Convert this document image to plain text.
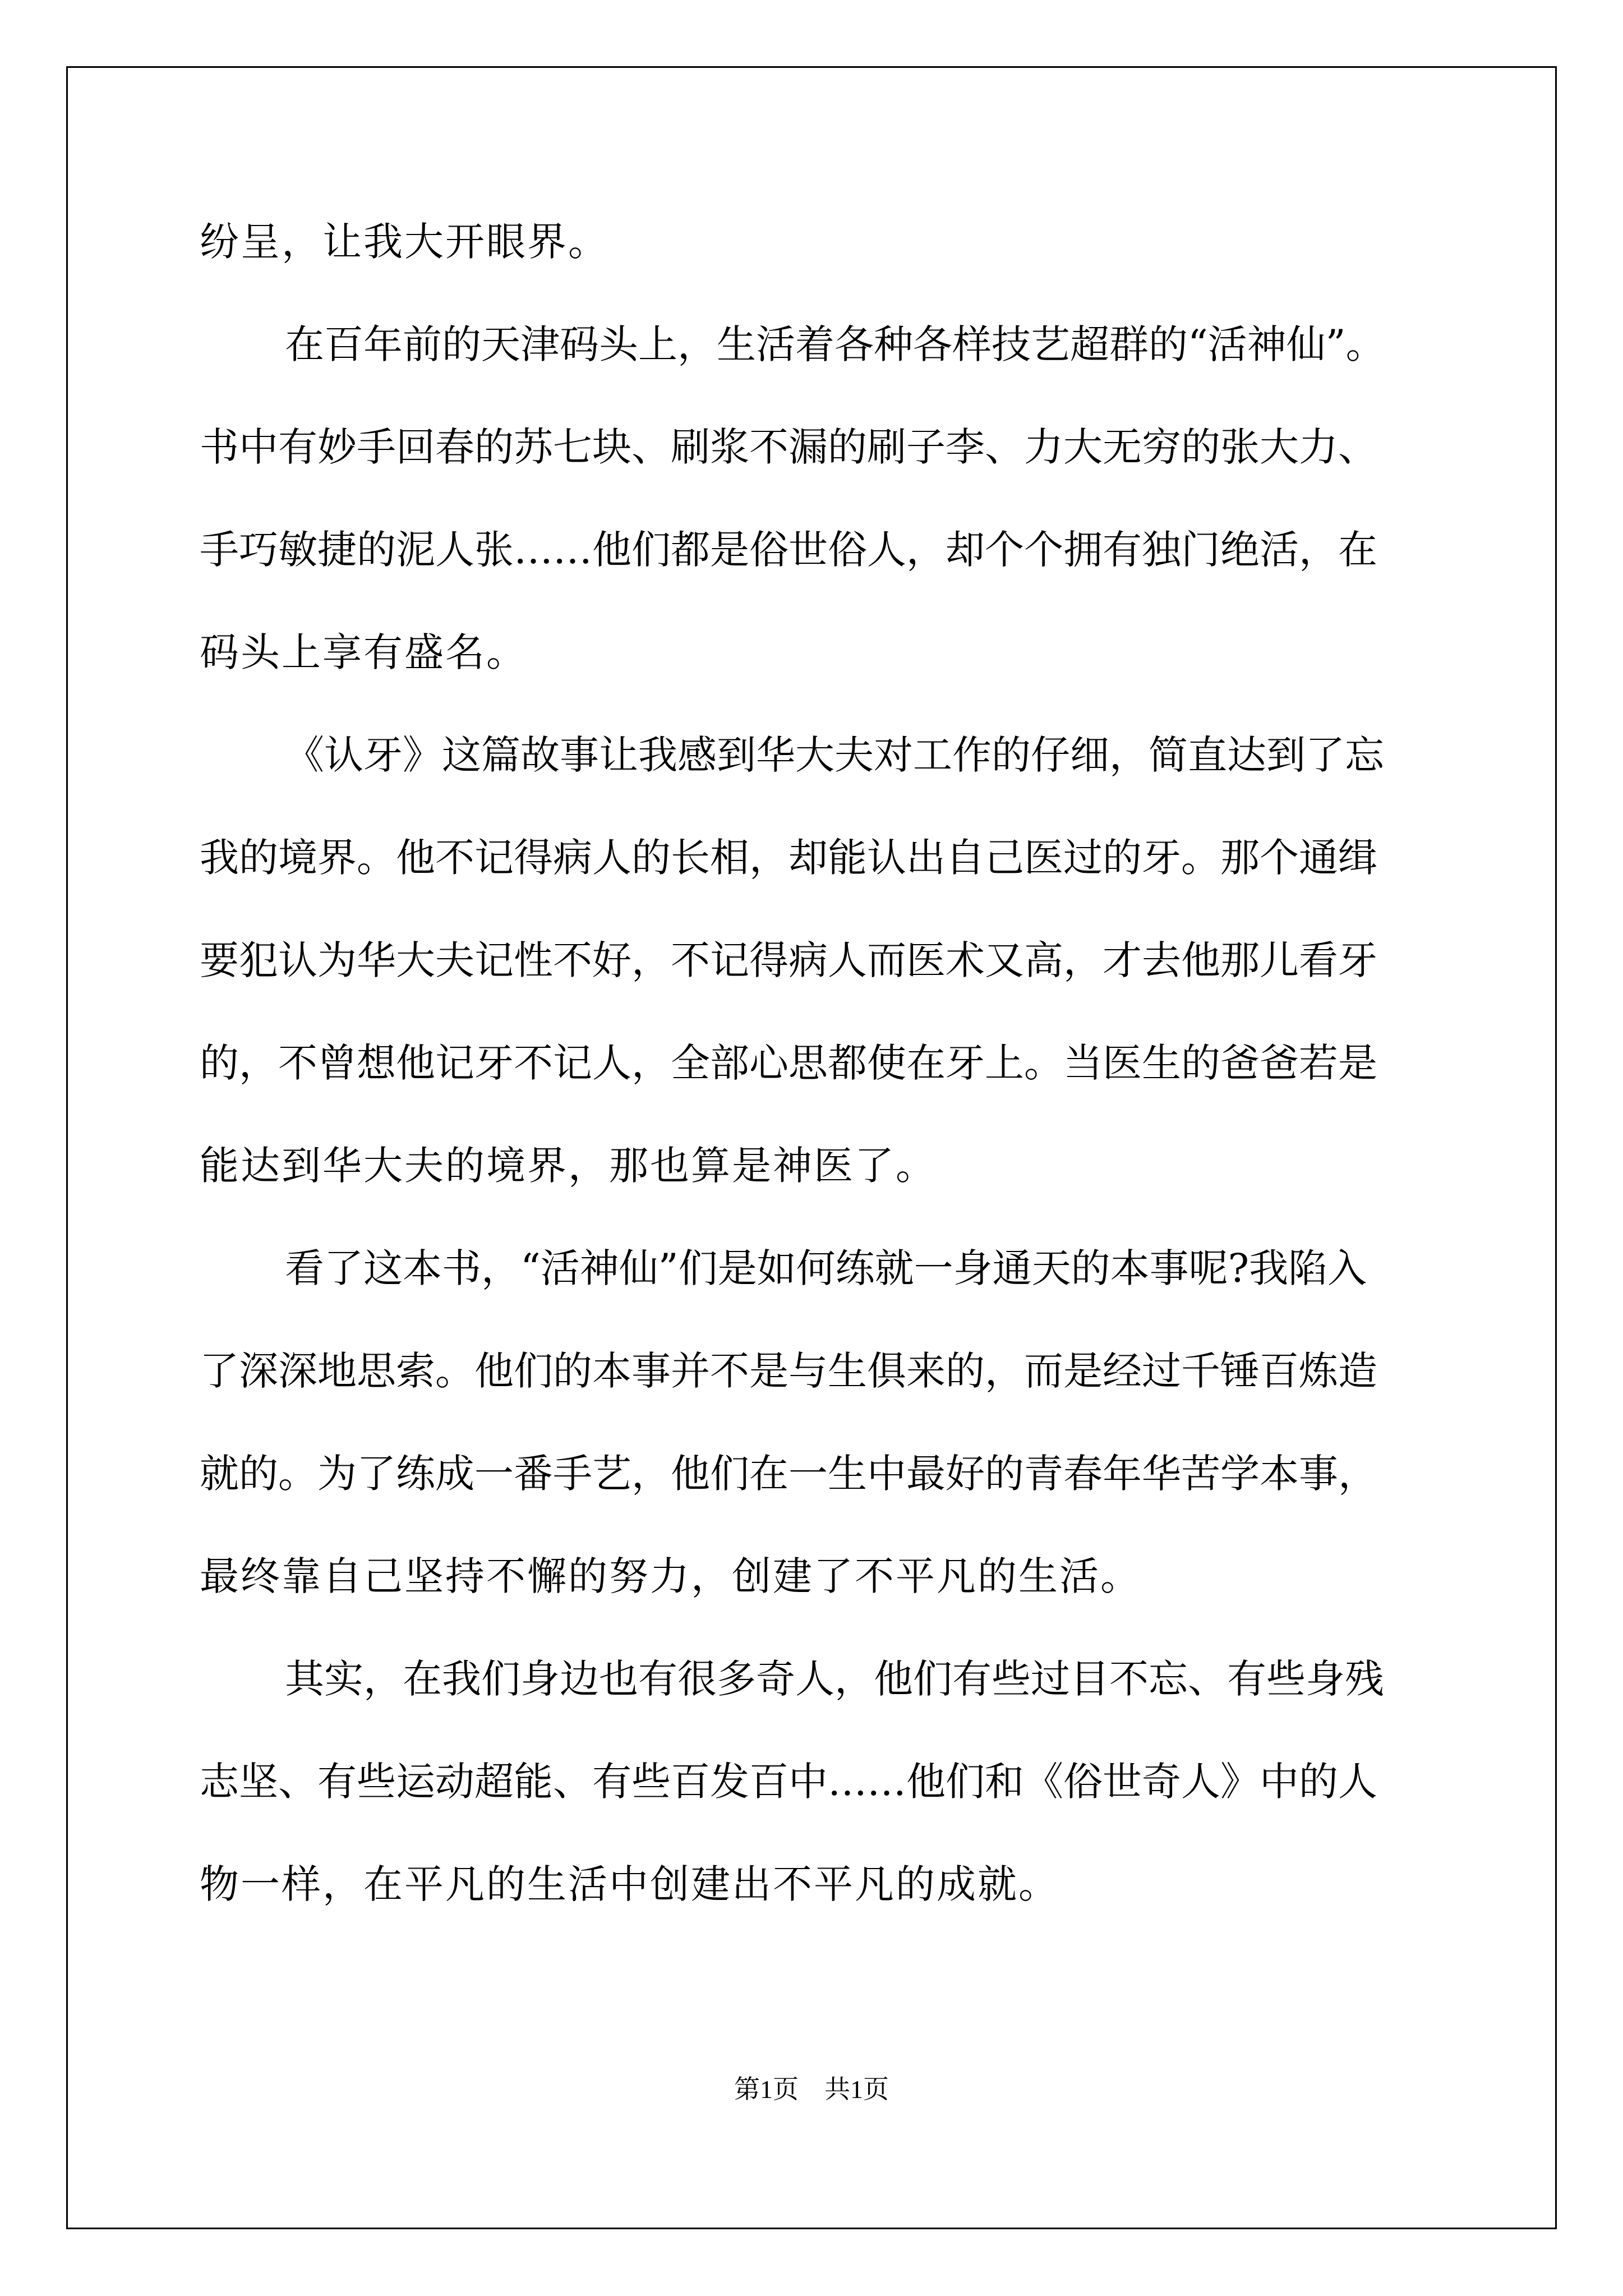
纷呈，让我大开眼界。
在百年前的天津码头上，生活着各种各样技艺超群的“活神仙”。
书中有妙手回春的苏七块、刷浆不漏的刷子李、力大无穷的张大力、
手巧敏捷的泥人张……他们都是俗世俗人，却个个拥有独门绝活，在
码头上享有盛名。
《认牙》这篇故事让我感到华大夫对工作的仔细，简直达到了忘
我的境界。他不记得病人的长相，却能认出自己医过的牙。那个通缉
要犯认为华大夫记性不好，不记得病人而医术又高，才去他那儿看牙
的，不曾想他记牙不记人，全部心思都使在牙上。当医生的爸爸若是
能达到华大夫的境界，那也算是神医了。
看了这本书，“活神仙”们是如何练就一身通天的本事呢?我陷入
了深深地思索。他们的本事并不是与生俱来的，而是经过千锤百炼造
就的。为了练成一番手艺，他们在一生中最好的青春年华苦学本事，
最终靠自己坚持不懈的努力，创建了不平凡的生活。
其实，在我们身边也有很多奇人，他们有些过目不忘、有些身残
志坚、有些运动超能、有些百发百中……他们和《俗世奇人》中的人
物一样，在平凡的生活中创建出不平凡的成就。
第1页　共1页
